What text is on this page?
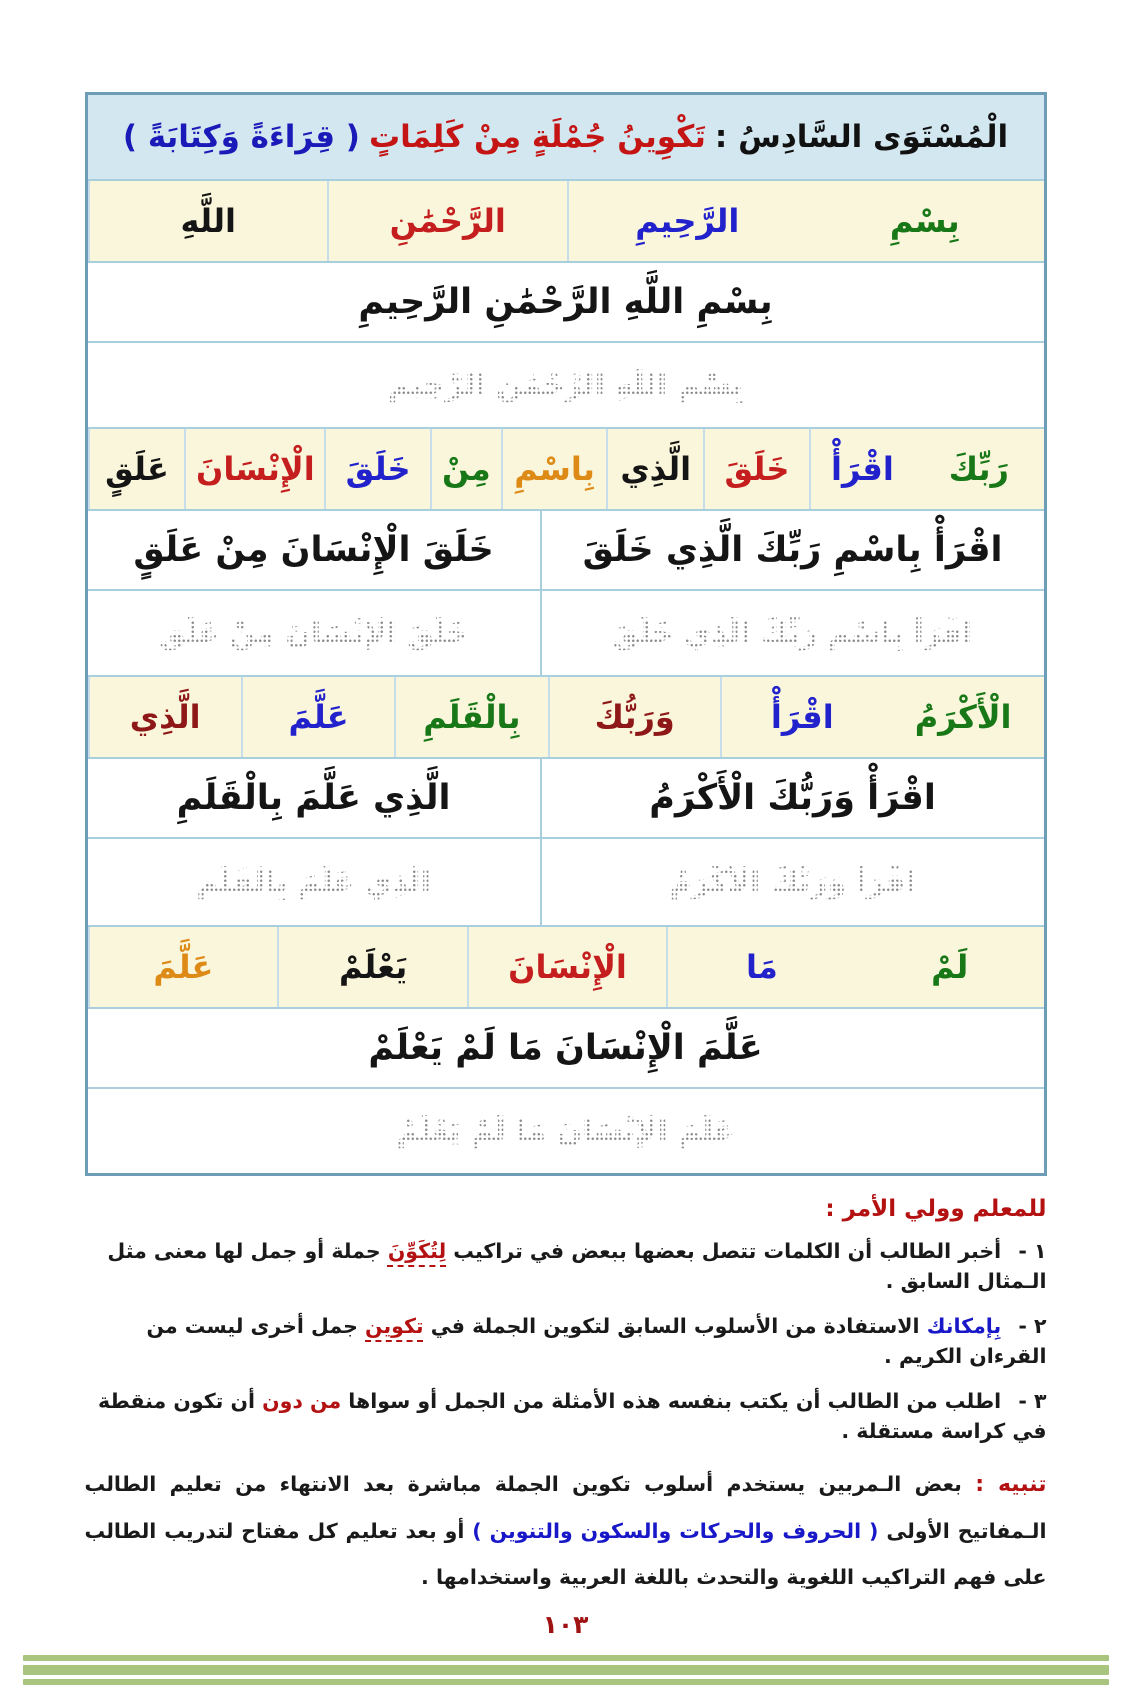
الْمُسْتَوَى السَّادِسُ :
تَكْوِينُ جُمْلَةٍ مِنْ كَلِمَاتٍ
( قِرَاءَةً وَكِتَابَةً )
بِسْمِ
الرَّحِيمِ
الرَّحْمَٰنِ
اللَّهِ
بِسْمِ اللَّهِ الرَّحْمَٰنِ الرَّحِيمِ
بِسْمِ اللَّهِ الرَّحْمَٰنِ الرَّحِيمِ
رَبِّكَ
اقْرَأْ
خَلَقَ
الَّذِي
بِاسْمِ
مِنْ
خَلَقَ
الْإِنْسَانَ
عَلَقٍ
اقْرَأْ بِاسْمِ رَبِّكَ الَّذِي خَلَقَ
خَلَقَ الْإِنْسَانَ مِنْ عَلَقٍ
اقْرَأْ بِاسْمِ رَبِّكَ الَّذِي خَلَقَ
خَلَقَ الْإِنْسَانَ مِنْ عَلَقٍ
الْأَكْرَمُ
اقْرَأْ
وَرَبُّكَ
بِالْقَلَمِ
عَلَّمَ
الَّذِي
اقْرَأْ وَرَبُّكَ الْأَكْرَمُ
الَّذِي عَلَّمَ بِالْقَلَمِ
اقْرَأْ وَرَبُّكَ الْأَكْرَمُ
الَّذِي عَلَّمَ بِالْقَلَمِ
لَمْ
مَا
الْإِنْسَانَ
يَعْلَمْ
عَلَّمَ
عَلَّمَ الْإِنْسَانَ مَا لَمْ يَعْلَمْ
عَلَّمَ الْإِنْسَانَ مَا لَمْ يَعْلَمْ
للمعلم وولي الأمر :
١ - أخبر الطالب أن الكلمات تتصل بعضها ببعض في تراكيب لِتُكَوِّنَ جملة أو جمل لها معنى مثل الـمثال السابق .
٢ - بِإمكانك الاستفادة من الأسلوب السابق لتكوين الجملة في تكوين جمل أخرى ليست من القرءان الكريم .
٣ - اطلب من الطالب أن يكتب بنفسه هذه الأمثلة من الجمل أو سواها من دون أن تكون منقطة في كراسة مستقلة .

تنبيه : بعض الـمربين يستخدم أسلوب تكوين الجملة مباشرة بعد الانتهاء من تعليم الطالب الـمفاتيح الأولى ( الحروف والحركات والسكون والتنوين ) أو بعد تعليم كل مفتاح لتدريب الطالب على فهم التراكيب اللغوية والتحدث باللغة العربية واستخدامها .

١٠٣
